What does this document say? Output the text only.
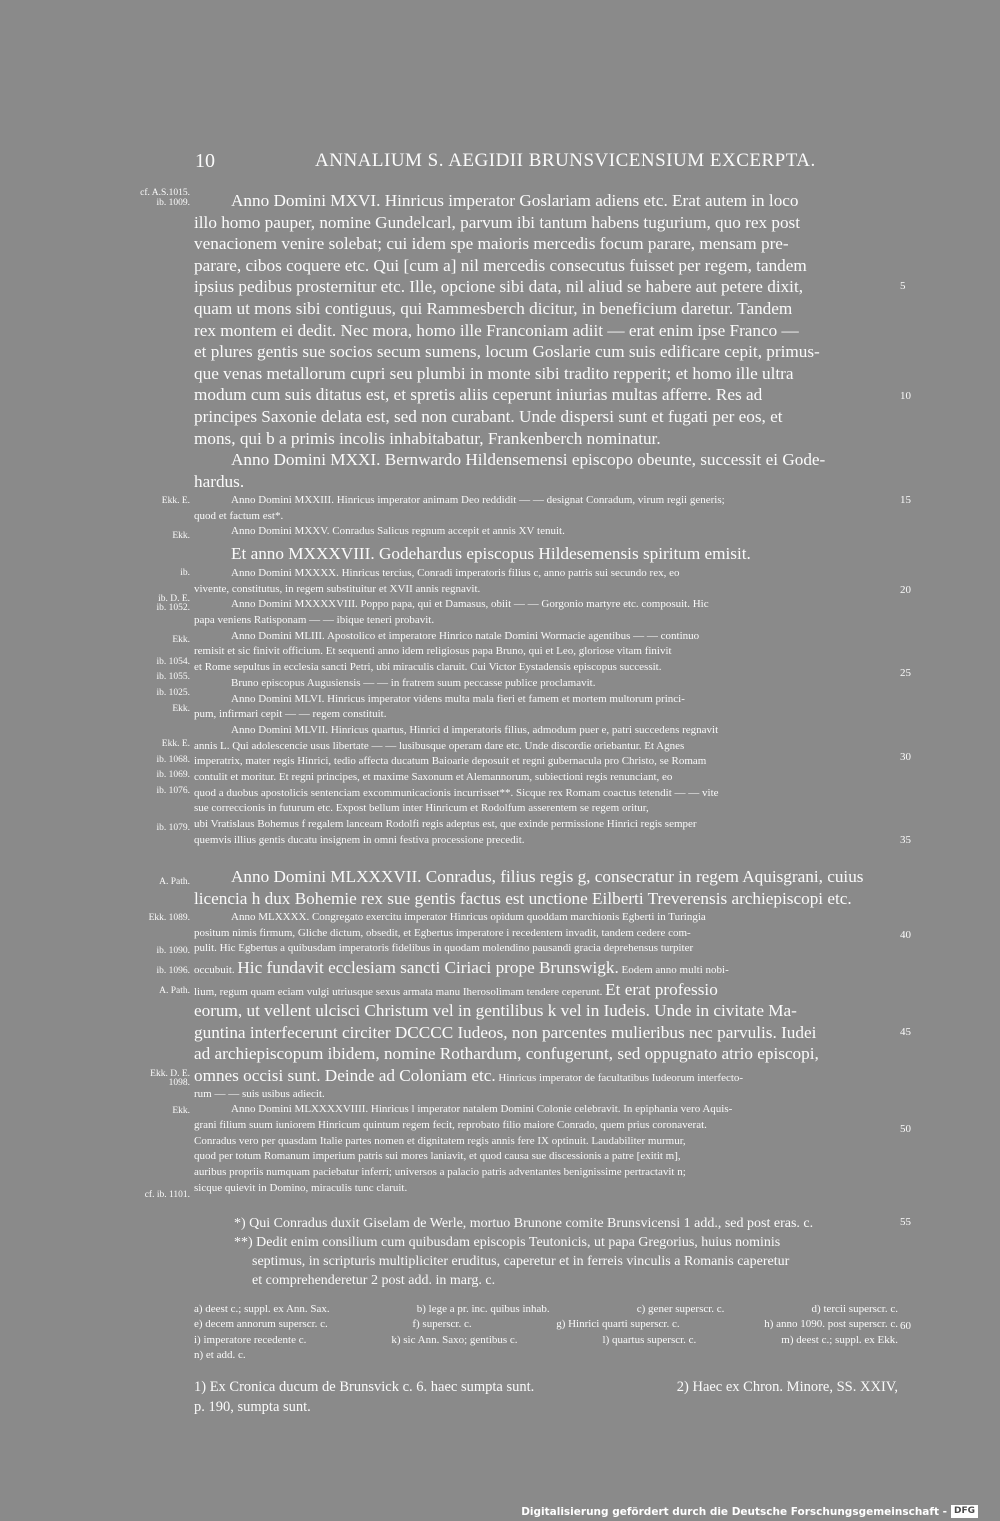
10	ANNALIUM S. AEGIDII BRUNSVICENSIUM EXCERPTA.
Anno Domini MXVI. Hinricus imperator Goslariam adiens etc. Erat autem in loco
illo homo pauper, nomine Gundelcarl, parvum ibi tantum habens tugurium, quo rex post
venacionem venire solebat; cui idem spe maioris mercedis focum parare, mensam pre-
parare, cibos coquere etc. Qui [cum a] nil mercedis consecutus fuisset per regem, tandem
ipsius pedibus prosternitur etc. Ille, opcione sibi data, nil aliud se habere aut petere dixit,
quam ut mons sibi contiguus, qui Rammesberch dicitur, in beneficium daretur. Tandem
rex montem ei dedit. Nec mora, homo ille Franconiam adiit — erat enim ipse Franco —
et plures gentis sue socios secum sumens, locum Goslarie cum suis edificare cepit, primus-
que venas metallorum cupri seu plumbi in monte sibi tradito repperit; et homo ille ultra
modum cum suis ditatus est, et spretis aliis ceperunt iniurias multas afferre. Res ad
principes Saxonie delata est, sed non curabant. Unde dispersi sunt et fugati per eos, et
mons, qui b a primis incolis inhabitabatur, Frankenberch nominatur.
Anno Domini MXXI. Bernwardo Hildensemensi episcopo obeunte, successit ei Gode-
hardus.
Anno Domini MXXIII. Hinricus imperator animam Deo reddidit — — designat Conradum, virum regii generis;
quod et factum est*.
Anno Domini MXXV. Conradus Salicus regnum accepit et annis XV tenuit.
Et anno MXXXVIII. Godehardus episcopus Hildesemensis spiritum emisit.
Anno Domini MXXXX. Hinricus tercius, Conradi imperatoris filius c, anno patris sui secundo rex, eo
vivente, constitutus, in regem substituitur et XVII annis regnavit.
Anno Domini MXXXXVIII. Poppo papa, qui et Damasus, obiit — — Gorgonio martyre etc. composuit. Hic
papa veniens Ratisponam — — ibique teneri probavit.
Anno Domini MLIII. Apostolico et imperatore Hinrico natale Domini Wormacie agentibus — — continuo
remisit et sic finivit officium. Et sequenti anno idem religiosus papa Bruno, qui et Leo, gloriose vitam finivit
et Rome sepultus in ecclesia sancti Petri, ubi miraculis claruit. Cui Victor Eystadensis episcopus successit.
Bruno episcopus Augusiensis — — in fratrem suum peccasse publice proclamavit.
Anno Domini MLVI. Hinricus imperator videns multa mala fieri et famem et mortem multorum princi-
pum, infirmari cepit — — regem constituit.
Anno Domini MLVII. Hinricus quartus, Hinrici d imperatoris filius, admodum puer e, patri succedens regnavit
annis L. Qui adolescencie usus libertate — — lusibusque operam dare etc. Unde discordie oriebantur. Et Agnes
imperatrix, mater regis Hinrici, tedio affecta ducatum Baioarie deposuit et regni gubernacula pro Christo, se Romam
contulit et moritur. Et regni principes, et maxime Saxonum et Alemannorum, subiectioni regis renunciant, eo
quod a duobus apostolicis sentenciam excommunicacionis incurrisset**. Sicque rex Romam coactus tetendit — — vite
sue correccionis in futurum etc. Expost bellum inter Hinricum et Rodolfum asserentem se regem oritur,
ubi Vratislaus Bohemus f regalem lanceam Rodolfi regis adeptus est, que exinde permissione Hinrici regis semper
quemvis illius gentis ducatu insignem in omni festiva processione precedit.
Anno Domini MLXXXVII. Conradus, filius regis g, consecratur in regem Aquisgrani, cuius
licencia h dux Bohemie rex sue gentis factus est unctione Eilberti Treverensis archiepiscopi etc.
Anno MLXXXX. Congregato exercitu imperator Hinricus opidum quoddam marchionis Egberti in Turingia
positum nimis firmum, Gliche dictum, obsedit, et Egbertus imperatore i recedentem invadit, tandem cedere com-
pulit. Hic Egbertus a quibusdam imperatoris fidelibus in quodam molendino pausandi gracia deprehensus turpiter
occubuit. Hic fundavit ecclesiam sancti Ciriaci prope Brunswigk. Eodem anno multi nobi-
lium, regum quam eciam vulgi utriusque sexus armata manu Iherosolimam tendere ceperunt. Et erat professio
eorum, ut vellent ulcisci Christum vel in gentilibus k vel in Iudeis. Unde in civitate Ma-
guntina interfecerunt circiter DCCCC Iudeos, non parcentes mulieribus nec parvulis. Iudei
ad archiepiscopum ibidem, nomine Rothardum, confugerunt, sed oppugnato atrio episcopi,
omnes occisi sunt. Deinde ad Coloniam etc. Hinricus imperator de facultatibus Iudeorum interfecto-
rum — — suis usibus adiecit.
Anno Domini MLXXXXVIIII. Hinricus l imperator natalem Domini Colonie celebravit. In epiphania vero Aquis-
grani filium suum iuniorem Hinricum quintum regem fecit, reprobato filio maiore Conrado, quem prius coronaverat.
Conradus vero per quasdam Italie partes nomen et dignitatem regis annis fere IX optinuit. Laudabiliter murmur,
quod per totum Romanum imperium patris sui mores laniavit, et quod causa sue discessionis a patre [exitit m],
auribus propriis numquam paciebatur inferri; universos a palacio patris adventantes benignissime pertractavit n;
sicque quievit in Domino, miraculis tunc claruit.
*) Qui Conradus duxit Giselam de Werle, mortuo Brunone comite Brunsvicensi 1 add., sed post eras. c.
**) Dedit enim consilium cum quibusdam episcopis Teutonicis, ut papa Gregorius, huius nominis
septimus, in scripturis multipliciter eruditus, caperetur et in ferreis vinculis a Romanis caperetur
et comprehenderetur 2 post add. in marg. c.
a) deest c.; suppl. ex Ann. Sax.	b) lege a pr. inc. quibus inhab.	c) gener superscr. c.	d) tercii superscr. c.
e) decem annorum superscr. c.	f) superscr. c.	g) Hinrici quarti superscr. c.	h) anno 1090. post superscr. c.
i) imperatore recedente c.	k) sic Ann. Saxo; gentibus c.	l) quartus superscr. c.	m) deest c.; suppl. ex Ekk.
n) et add. c.
1) Ex Cronica ducum de Brunsvick c. 6. haec sumpta sunt.	2) Haec ex Chron. Minore, SS. XXIV,
p. 190, sumpta sunt.
cf. A.S.1015.
ib. 1009.
Ekk. E.
Ekk.
ib.
ib. D. E.
ib. 1052.
Ekk.
ib. 1054.
ib. 1055.
ib. 1025.
Ekk.
Ekk. E.
ib. 1068.
ib. 1069.
ib. 1076.
ib. 1079.
A. Path.
Ekk. 1089.
ib. 1090.
ib. 1096.
A. Path.
Ekk. D. E.
1098.
Ekk.
cf. ib. 1101.
5
10
15
20
25
30
35
40
45
50
55
60
Digitalisierung gefördert durch die Deutsche Forschungsgemeinschaft - DFG
